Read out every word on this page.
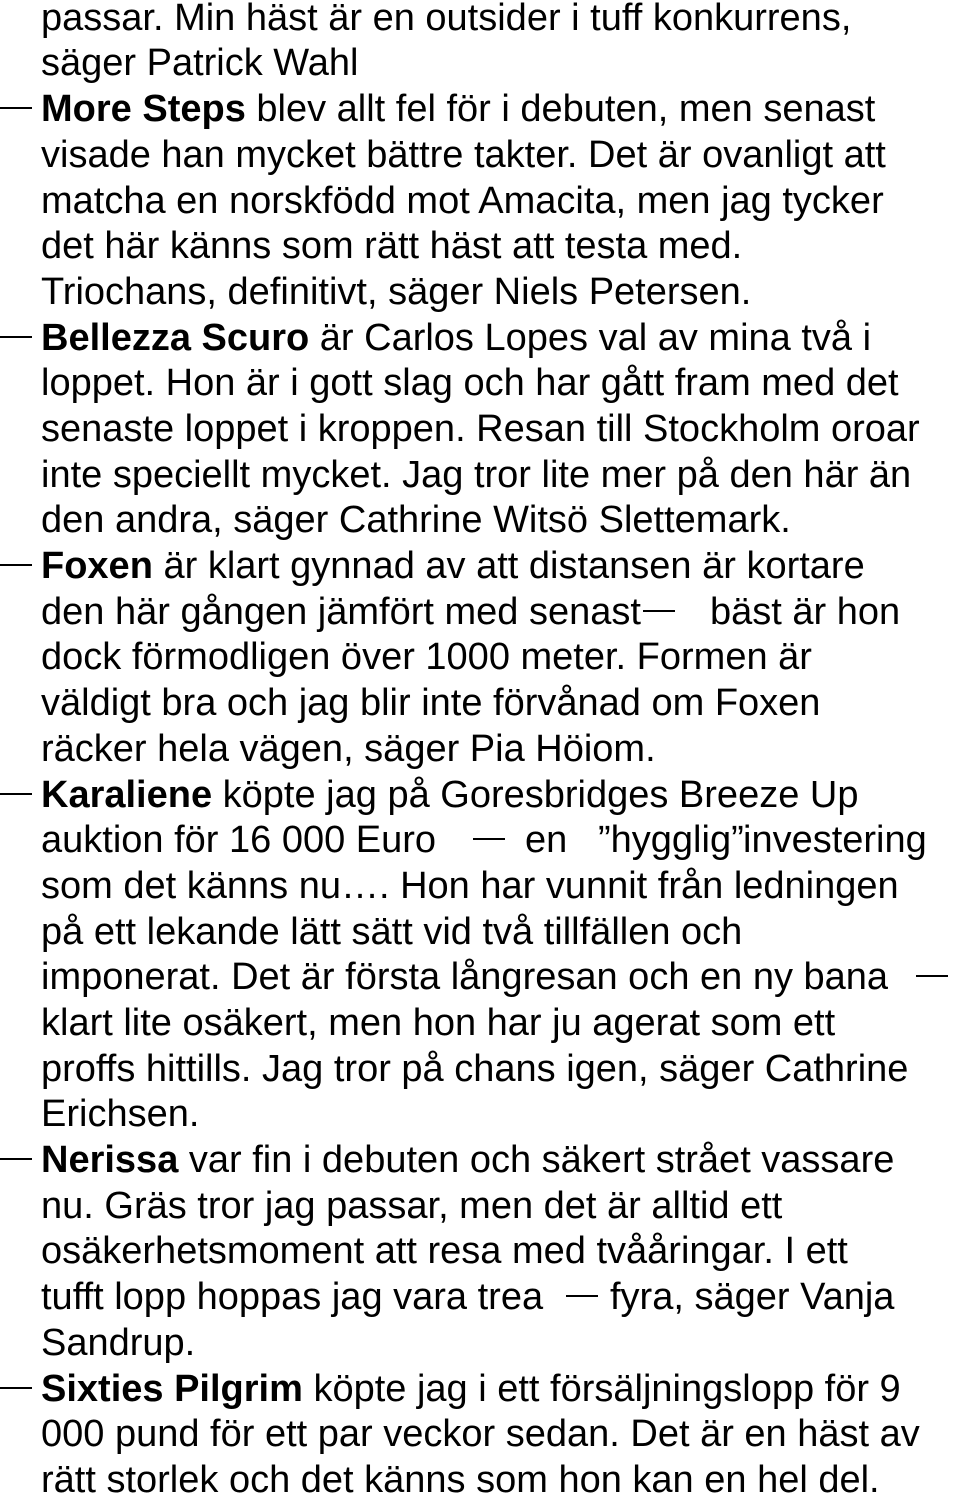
passar. Min häst är en outsider i tuff konkurrens,
säger Patrick Wahl
More Steps blev allt fel för i debuten, men senast
visade han mycket bättre takter. Det är ovanligt att
matcha en norskfödd mot Amacita, men jag tycker
det här känns som rätt häst att testa med.
Triochans, definitivt, säger Niels Petersen.
Bellezza Scuro är Carlos Lopes val av mina två i
loppet. Hon är i gott slag och har gått fram med det
senaste loppet i kroppen. Resan till Stockholm oroar
inte speciellt mycket. Jag tror lite mer på den här än
den andra, säger Cathrine Witsö Slettemark.
Foxen är klart gynnad av att distansen är kortare
den här gången jämfört med senast bäst är hon
dock förmodligen över 1000 meter. Formen är
väldigt bra och jag blir inte förvånad om Foxen
räcker hela vägen, säger Pia Höiom.
Karaliene köpte jag på Goresbridges Breeze Up
auktion för 16 000 Euro en ”hygglig” investering
som det känns nu…. Hon har vunnit från ledningen
på ett lekande lätt sätt vid två tillfällen och
imponerat. Det är första långresan och en ny bana
klart lite osäkert, men hon har ju agerat som ett
proffs hittills. Jag tror på chans igen, säger Cathrine
Erichsen.
Nerissa var fin i debuten och säkert strået vassare
nu. Gräs tror jag passar, men det är alltid ett
osäkerhetsmoment att resa med tvååringar. I ett
tufft lopp hoppas jag vara trea fyra, säger Vanja
Sandrup.
Sixties Pilgrim köpte jag i ett försäljningslopp för 9
000 pund för ett par veckor sedan. Det är en häst av
rätt storlek och det känns som hon kan en hel del.
